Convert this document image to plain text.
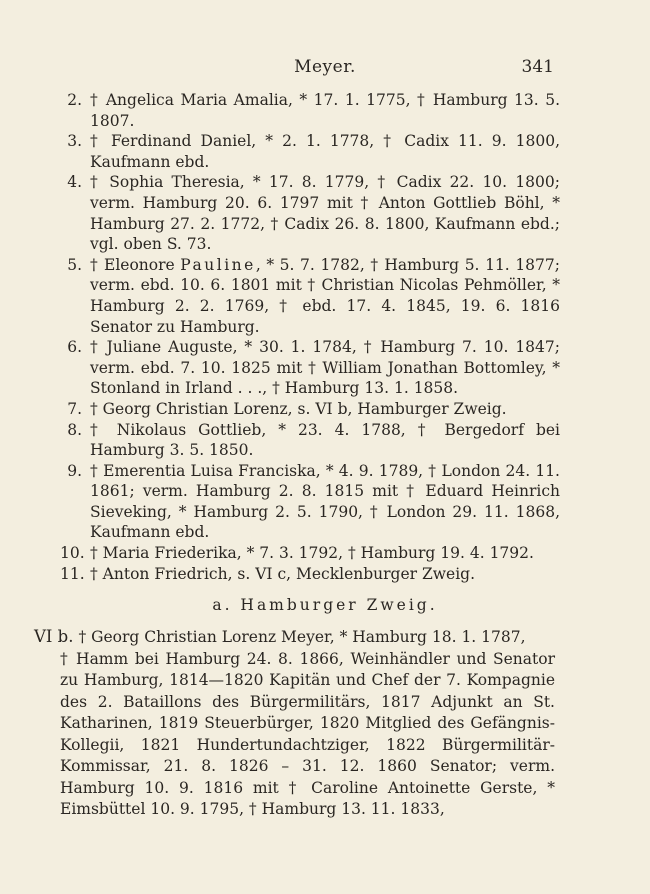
Meyer.	341
2. † Angelica Maria Amalia, * 17. 1. 1775, † Hamburg 13. 5. 1807.
3. † Ferdinand Daniel, * 2. 1. 1778, † Cadix 11. 9. 1800, Kaufmann ebd.
4. † Sophia Theresia, * 17. 8. 1779, † Cadix 22. 10. 1800; verm. Hamburg 20. 6. 1797 mit † Anton Gottlieb Böhl, * Hamburg 27. 2. 1772, † Cadix 26. 8. 1800, Kaufmann ebd.; vgl. oben S. 73.
5. † Eleonore Pauline, * 5. 7. 1782, † Hamburg 5. 11. 1877; verm. ebd. 10. 6. 1801 mit † Christian Nicolas Pehmöller, * Hamburg 2. 2. 1769, † ebd. 17. 4. 1845, 19. 6. 1816 Senator zu Hamburg.
6. † Juliane Auguste, * 30. 1. 1784, † Hamburg 7. 10. 1847; verm. ebd. 7. 10. 1825 mit † William Jonathan Bottomley, * Stonland in Irland . . ., † Hamburg 13. 1. 1858.
7. † Georg Christian Lorenz, s. VI b, Hamburger Zweig.
8. † Nikolaus Gottlieb, * 23. 4. 1788, † Bergedorf bei Hamburg 3. 5. 1850.
9. † Emerentia Luisa Franciska, * 4. 9. 1789, † London 24. 11. 1861; verm. Hamburg 2. 8. 1815 mit † Eduard Heinrich Sieveking, * Hamburg 2. 5. 1790, † London 29. 11. 1868, Kaufmann ebd.
10. † Maria Friederika, * 7. 3. 1792, † Hamburg 19. 4. 1792.
11. † Anton Friedrich, s. VI c, Mecklenburger Zweig.
a. Hamburger Zweig.
VI b. † Georg Christian Lorenz Meyer, * Hamburg 18. 1. 1787,
† Hamm bei Hamburg 24. 8. 1866, Weinhändler und Senator zu Hamburg, 1814—1820 Kapitän und Chef der 7. Kompagnie des 2. Bataillons des Bürgermilitärs, 1817 Adjunkt an St. Katharinen, 1819 Steuerbürger, 1820 Mitglied des Gefängnis-Kollegii, 1821 Hundertundachtziger, 1822 Bürgermilitär-Kommissar, 21. 8. 1826 – 31. 12. 1860 Senator; verm. Hamburg 10. 9. 1816 mit † Caroline Antoinette Gerste, * Eimsbüttel 10. 9. 1795, † Hamburg 13. 11. 1833,
